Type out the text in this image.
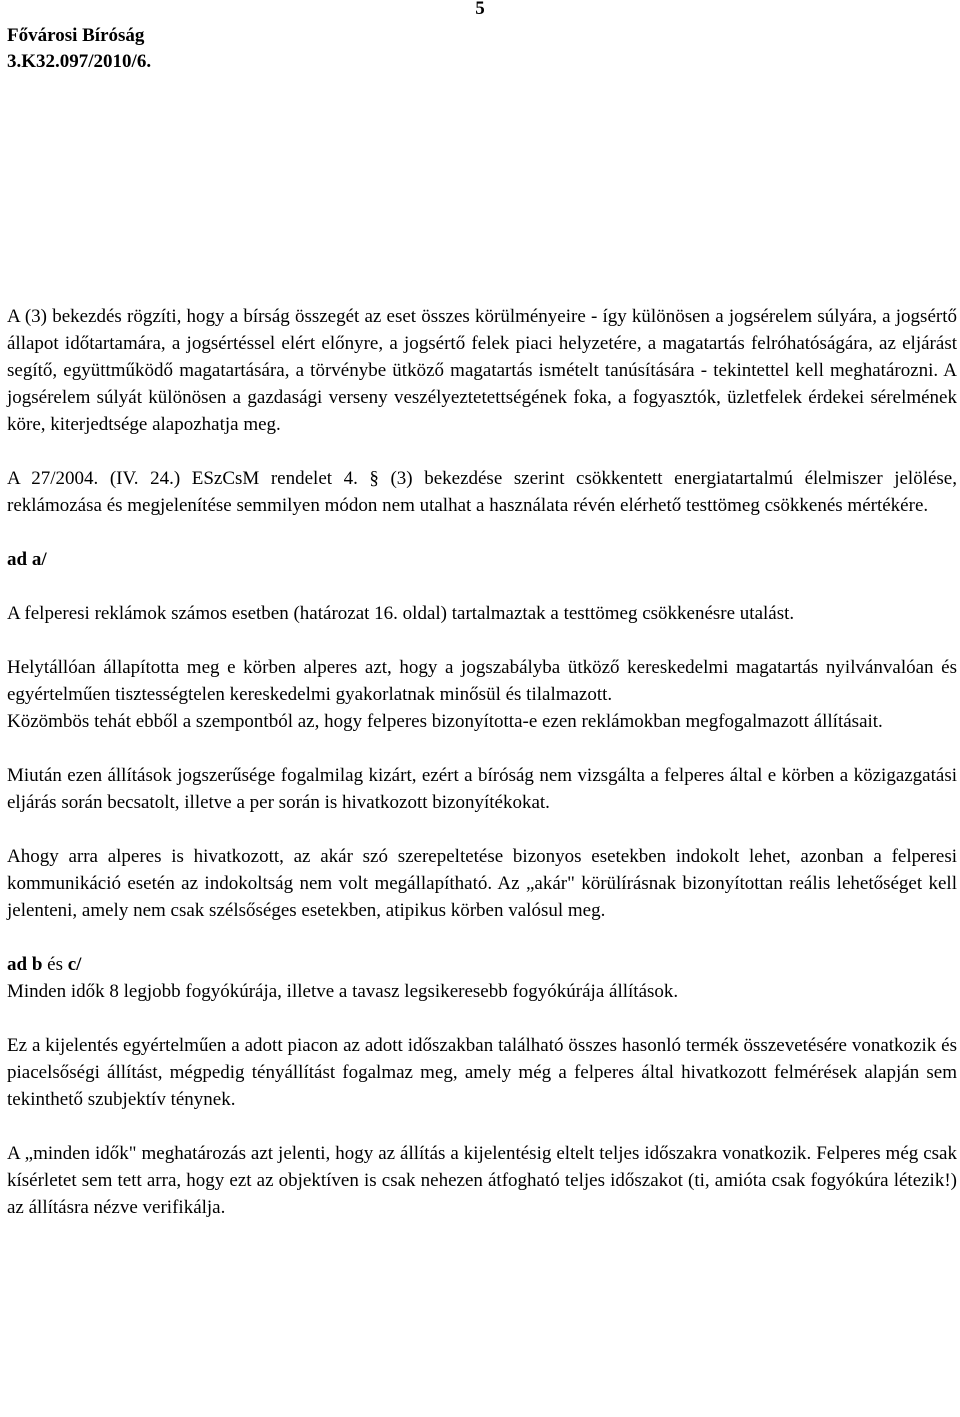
5
Fővárosi Bíróság
3.K32.097/2010/6.

A (3) bekezdés rögzíti, hogy a bírság összegét az eset összes körülményeire - így különösen a jogsérelem súlyára, a jogsértő állapot időtartamára, a jogsértéssel elért előnyre, a jogsértő felek piaci helyzetére, a magatartás felróhatóságára, az eljárást segítő, együttműködő magatartására, a törvénybe ütköző magatartás ismételt tanúsítására - tekintettel kell meghatározni. A jogsérelem súlyát különösen a gazdasági verseny veszélyeztetettségének foka, a fogyasztók, üzletfelek érdekei sérelmének köre, kiterjedtsége alapozhatja meg.

A 27/2004. (IV. 24.) ESzCsM rendelet 4. § (3) bekezdése szerint csökkentett energiatartalmú élelmiszer jelölése, reklámozása és megjelenítése semmilyen módon nem utalhat a használata révén elérhető testtömeg csökkenés mértékére.

ad a/

A felperesi reklámok számos esetben (határozat 16. oldal) tartalmaztak a testtömeg csökkenésre utalást.

Helytállóan állapította meg e körben alperes azt, hogy a jogszabályba ütköző kereskedelmi magatartás nyilvánvalóan és egyértelműen tisztességtelen kereskedelmi gyakorlatnak minősül és tilalmazott.

Közömbös tehát ebből a szempontból az, hogy felperes bizonyította-e ezen reklámokban megfogalmazott állításait.

Miután ezen állítások jogszerűsége fogalmilag kizárt, ezért a bíróság nem vizsgálta a felperes által e körben a közigazgatási eljárás során becsatolt, illetve a per során is hivatkozott bizonyítékokat.

Ahogy arra alperes is hivatkozott, az akár szó szerepeltetése bizonyos esetekben indokolt lehet, azonban a felperesi kommunikáció esetén az indokoltság nem volt megállapítható. Az „akár" körülírásnak bizonyítottan reális lehetőséget kell jelenteni, amely nem csak szélsőséges esetekben, atipikus körben valósul meg.

ad b és c/

Minden idők 8 legjobb fogyókúrája, illetve a tavasz legsikeresebb fogyókúrája állítások.

Ez a kijelentés egyértelműen a adott piacon az adott időszakban található összes hasonló termék összevetésére vonatkozik és piacelsőségi állítást, mégpedig tényállítást fogalmaz meg, amely még a felperes által hivatkozott felmérések alapján sem tekinthető szubjektív ténynek.

A „minden idők" meghatározás azt jelenti, hogy az állítás a kijelentésig eltelt teljes időszakra vonatkozik. Felperes még csak kísérletet sem tett arra, hogy ezt az objektíven is csak nehezen átfogható teljes időszakot (ti, amióta csak fogyókúra létezik!) az állításra nézve verifikálja.
